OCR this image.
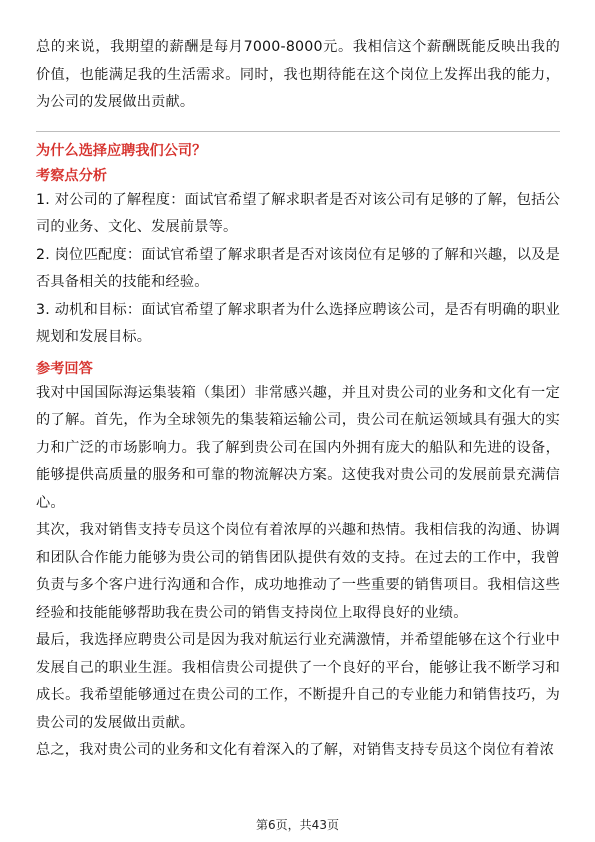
总的来说，我期望的薪酬是每月7000-8000元。我相信这个薪酬既能反映出我的价值，也能满足我的生活需求。同时，我也期待能在这个岗位上发挥出我的能力，为公司的发展做出贡献。

为什么选择应聘我们公司？
考察点分析

1. 对公司的了解程度：面试官希望了解求职者是否对该公司有足够的了解，包括公司的业务、文化、发展前景等。

2. 岗位匹配度：面试官希望了解求职者是否对该岗位有足够的了解和兴趣，以及是否具备相关的技能和经验。

3. 动机和目标：面试官希望了解求职者为什么选择应聘该公司，是否有明确的职业规划和发展目标。

参考回答

我对中国国际海运集装箱（集团）非常感兴趣，并且对贵公司的业务和文化有一定的了解。首先，作为全球领先的集装箱运输公司，贵公司在航运领域具有强大的实力和广泛的市场影响力。我了解到贵公司在国内外拥有庞大的船队和先进的设备，能够提供高质量的服务和可靠的物流解决方案。这使我对贵公司的发展前景充满信心。

其次，我对销售支持专员这个岗位有着浓厚的兴趣和热情。我相信我的沟通、协调和团队合作能力能够为贵公司的销售团队提供有效的支持。在过去的工作中，我曾负责与多个客户进行沟通和合作，成功地推动了一些重要的销售项目。我相信这些经验和技能能够帮助我在贵公司的销售支持岗位上取得良好的业绩。

最后，我选择应聘贵公司是因为我对航运行业充满激情，并希望能够在这个行业中发展自己的职业生涯。我相信贵公司提供了一个良好的平台，能够让我不断学习和成长。我希望能够通过在贵公司的工作，不断提升自己的专业能力和销售技巧，为贵公司的发展做出贡献。

总之，我对贵公司的业务和文化有着深入的了解，对销售支持专员这个岗位有着浓

第6页，共43页
